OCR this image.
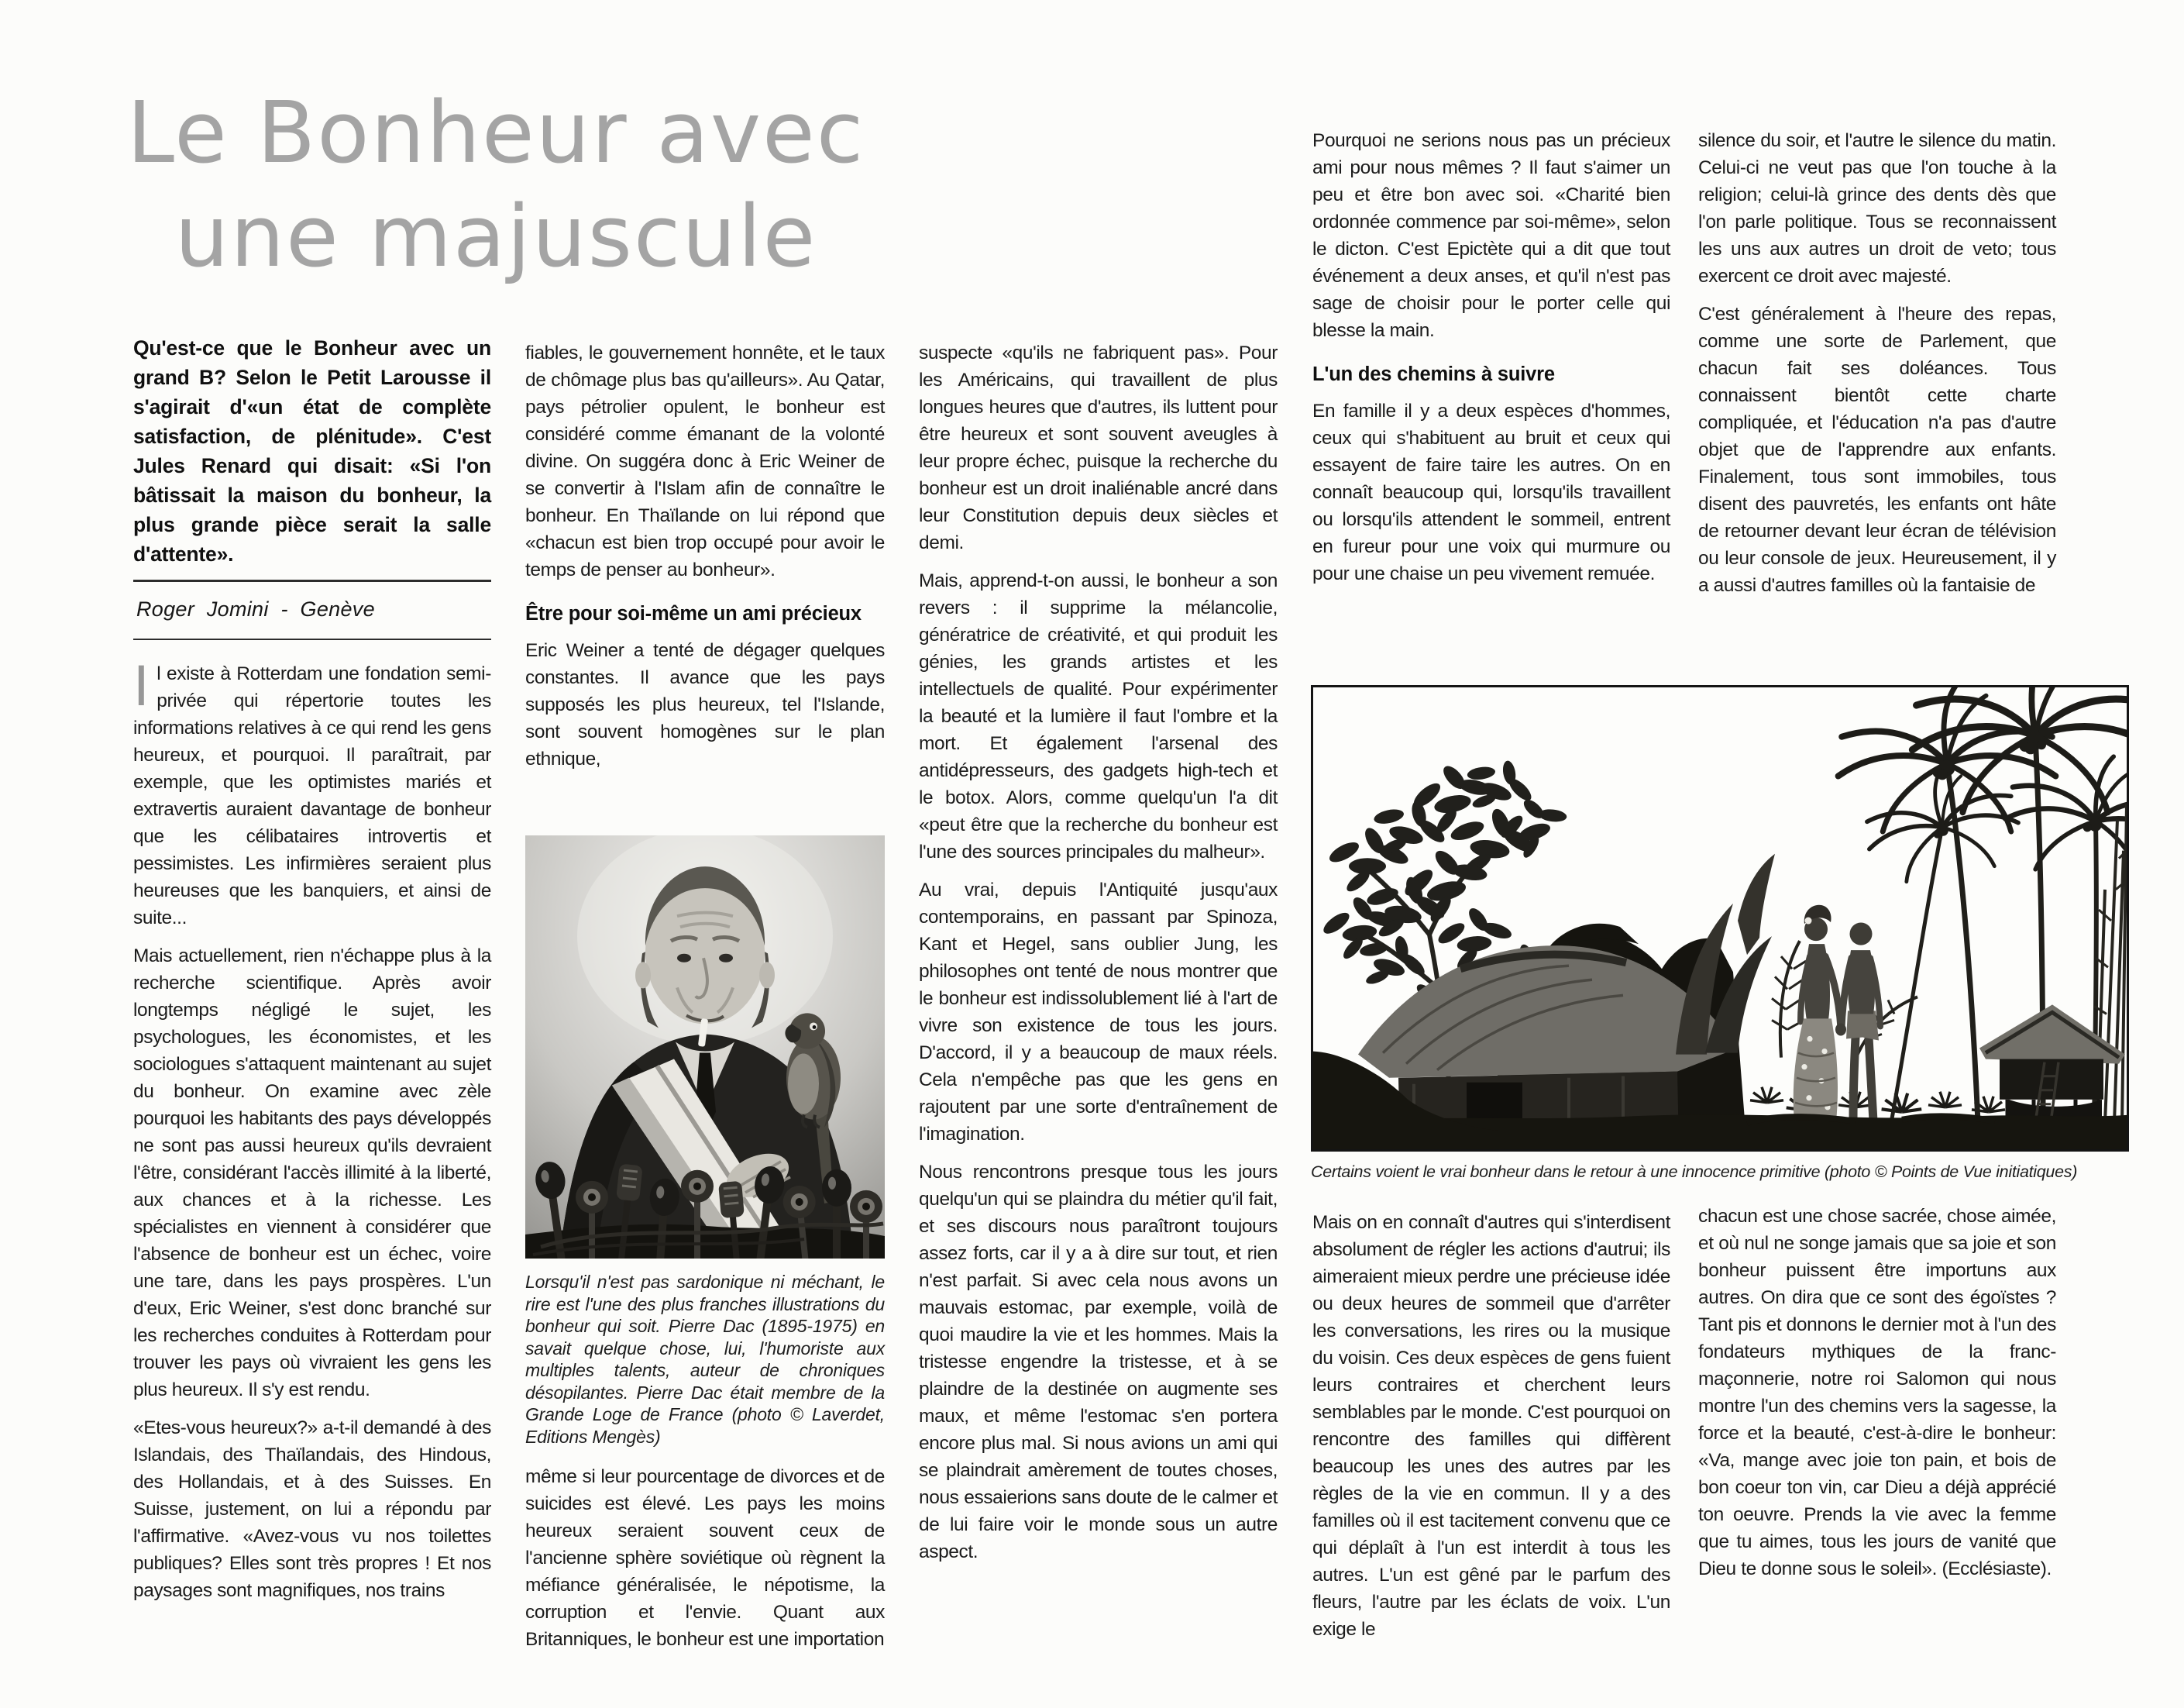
Le Bonheur avec
une majuscule

Qu'est-ce que le Bonheur avec un grand B? Selon le Petit Larousse il s'agirait d'«un état de complète satisfaction, de plénitude». C'est Jules Renard qui disait: «Si l'on bâtissait la maison du bonheur, la plus grande pièce serait la salle d'attente».

Roger Jomini - Genève

Il existe à Rotterdam une fondation semi-privée qui répertorie toutes les informations relatives à ce qui rend les gens heureux, et pourquoi. Il paraîtrait, par exemple, que les optimistes mariés et extravertis auraient davantage de bonheur que les célibataires introvertis et pessimistes. Les infirmières seraient plus heureuses que les banquiers, et ainsi de suite...

Mais actuellement, rien n'échappe plus à la recherche scientifique. Après avoir longtemps négligé le sujet, les psychologues, les économistes, et les sociologues s'attaquent maintenant au sujet du bonheur. On examine avec zèle pourquoi les habitants des pays développés ne sont pas aussi heureux qu'ils devraient l'être, considérant l'accès illimité à la liberté, aux chances et à la richesse. Les spécialistes en viennent à considérer que l'absence de bonheur est un échec, voire une tare, dans les pays prospères. L'un d'eux, Eric Weiner, s'est donc branché sur les recherches conduites à Rotterdam pour trouver les pays où vivraient les gens les plus heureux. Il s'y est rendu.

«Etes-vous heureux?» a-t-il demandé à des Islandais, des Thaïlandais, des Hindous, des Hollandais, et à des Suisses. En Suisse, justement, on lui a répondu par l'affirmative. «Avez-vous vu nos toilettes publiques? Elles sont très propres ! Et nos paysages sont magnifiques, nos trains

fiables, le gouvernement honnête, et le taux de chômage plus bas qu'ailleurs». Au Qatar, pays pétrolier opulent, le bonheur est considéré comme émanant de la volonté divine. On suggéra donc à Eric Weiner de se convertir à l'Islam afin de connaître le bonheur. En Thaïlande on lui répond que «chacun est bien trop occupé pour avoir le temps de penser au bonheur».

Être pour soi-même un ami précieux

Eric Weiner a tenté de dégager quelques constantes. Il avance que les pays supposés les plus heureux, tel l'Islande, sont souvent homogènes sur le plan ethnique,

Lorsqu'il n'est pas sardonique ni méchant, le rire est l'une des plus franches illustrations du bonheur qui soit. Pierre Dac (1895-1975) en savait quelque chose, lui, l'humoriste aux multiples talents, auteur de chroniques désopilantes. Pierre Dac était membre de la Grande Loge de France (photo © Laverdet, Editions Mengès)

même si leur pourcentage de divorces et de suicides est élevé. Les pays les moins heureux seraient souvent ceux de l'ancienne sphère soviétique où règnent la méfiance généralisée, le népotisme, la corruption et l'envie. Quant aux Britanniques, le bonheur est une importation

suspecte «qu'ils ne fabriquent pas». Pour les Américains, qui travaillent de plus longues heures que d'autres, ils luttent pour être heureux et sont souvent aveugles à leur propre échec, puisque la recherche du bonheur est un droit inaliénable ancré dans leur Constitution depuis deux siècles et demi.

Mais, apprend-t-on aussi, le bonheur a son revers : il supprime la mélancolie, génératrice de créativité, et qui produit les génies, les grands artistes et les intellectuels de qualité. Pour expérimenter la beauté et la lumière il faut l'ombre et la mort. Et également l'arsenal des antidépresseurs, des gadgets high-tech et le botox. Alors, comme quelqu'un l'a dit «peut être que la recherche du bonheur est l'une des sources principales du malheur».

Au vrai, depuis l'Antiquité jusqu'aux contemporains, en passant par Spinoza, Kant et Hegel, sans oublier Jung, les philosophes ont tenté de nous montrer que le bonheur est indissolublement lié à l'art de vivre son existence de tous les jours. D'accord, il y a beaucoup de maux réels. Cela n'empêche pas que les gens en rajoutent par une sorte d'entraînement de l'imagination.

Nous rencontrons presque tous les jours quelqu'un qui se plaindra du métier qu'il fait, et ses discours nous paraîtront toujours assez forts, car il y a à dire sur tout, et rien n'est parfait. Si avec cela nous avons un mauvais estomac, par exemple, voilà de quoi maudire la vie et les hommes. Mais la tristesse engendre la tristesse, et à se plaindre de la destinée on augmente ses maux, et même l'estomac s'en portera encore plus mal. Si nous avions un ami qui se plaindrait amèrement de toutes choses, nous essaierions sans doute de le calmer et de lui faire voir le monde sous un autre aspect.

Pourquoi ne serions nous pas un précieux ami pour nous mêmes ? Il faut s'aimer un peu et être bon avec soi. «Charité bien ordonnée commence par soi-même», selon le dicton. C'est Epictète qui a dit que tout événement a deux anses, et qu'il n'est pas sage de choisir pour le porter celle qui blesse la main.

L'un des chemins à suivre

En famille il y a deux espèces d'hommes, ceux qui s'habituent au bruit et ceux qui essayent de faire taire les autres. On en connaît beaucoup qui, lorsqu'ils travaillent ou lorsqu'ils attendent le sommeil, entrent en fureur pour une voix qui murmure ou pour une chaise un peu vivement remuée.

silence du soir, et l'autre le silence du matin. Celui-ci ne veut pas que l'on touche à la religion; celui-là grince des dents dès que l'on parle politique. Tous se reconnaissent les uns aux autres un droit de veto; tous exercent ce droit avec majesté.

C'est généralement à l'heure des repas, comme une sorte de Parlement, que chacun fait ses doléances. Tous connaissent bientôt cette charte compliquée, et l'éducation n'a pas d'autre objet que de l'apprendre aux enfants. Finalement, tous sont immobiles, tous disent des pauvretés, les enfants ont hâte de retourner devant leur écran de télévision ou leur console de jeux. Heureusement, il y a aussi d'autres familles où la fantaisie de

Certains voient le vrai bonheur dans le retour à une innocence primitive (photo © Points de Vue initiatiques)

Mais on en connaît d'autres qui s'interdisent absolument de régler les actions d'autrui; ils aimeraient mieux perdre une précieuse idée ou deux heures de sommeil que d'arrêter les conversations, les rires ou la musique du voisin. Ces deux espèces de gens fuient leurs contraires et cherchent leurs semblables par le monde. C'est pourquoi on rencontre des familles qui diffèrent beaucoup les unes des autres par les règles de la vie en commun. Il y a des familles où il est tacitement convenu que ce qui déplaît à l'un est interdit à tous les autres. L'un est gêné par le parfum des fleurs, l'autre par les éclats de voix. L'un exige le

chacun est une chose sacrée, chose aimée, et où nul ne songe jamais que sa joie et son bonheur puissent être importuns aux autres. On dira que ce sont des égoïstes ? Tant pis et donnons le dernier mot à l'un des fondateurs mythiques de la franc-maçonnerie, notre roi Salomon qui nous montre l'un des chemins vers la sagesse, la force et la beauté, c'est-à-dire le bonheur: «Va, mange avec joie ton pain, et bois de bon coeur ton vin, car Dieu a déjà apprécié ton oeuvre. Prends la vie avec la femme que tu aimes, tous les jours de vanité que Dieu te donne sous le soleil». (Ecclésiaste).
